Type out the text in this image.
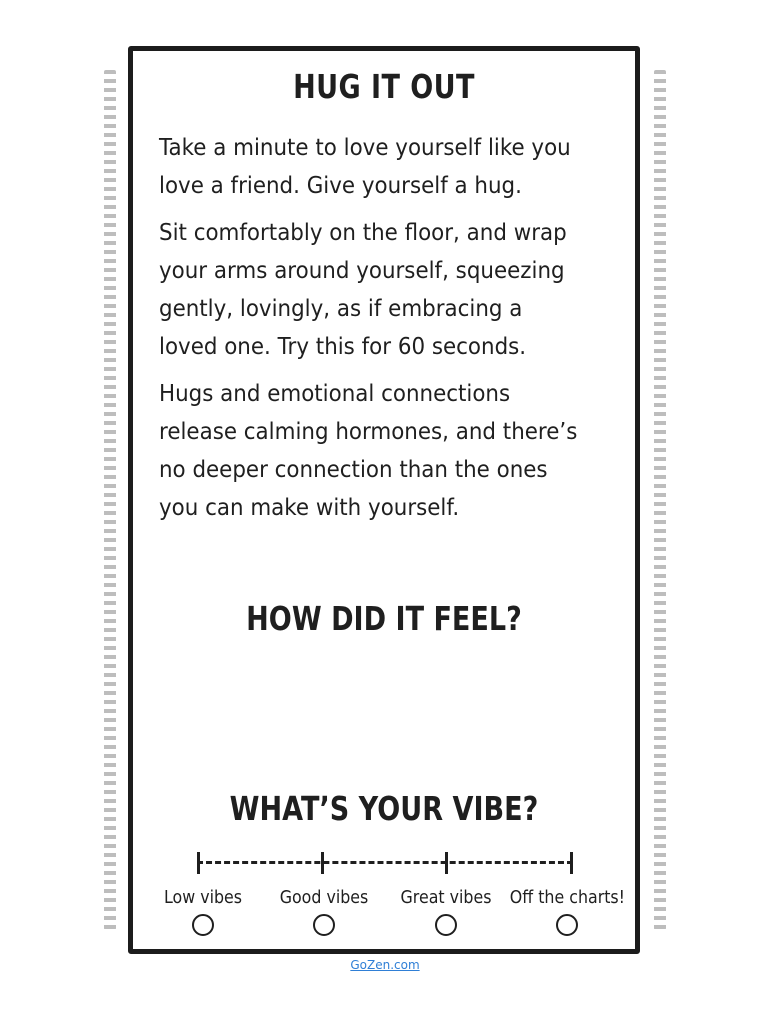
HUG IT OUT

Take a minute to love yourself like you love a friend. Give yourself a hug.

Sit comfortably on the floor, and wrap your arms around yourself, squeezing gently, lovingly, as if embracing a loved one. Try this for 60 seconds.

Hugs and emotional connections release calming hormones, and there’s no deeper connection than the ones you can make with yourself.

HOW DID IT FEEL?
WHAT’S YOUR VIBE?
Low vibes	Good vibes	Great vibes	Off the charts!
GoZen.com
